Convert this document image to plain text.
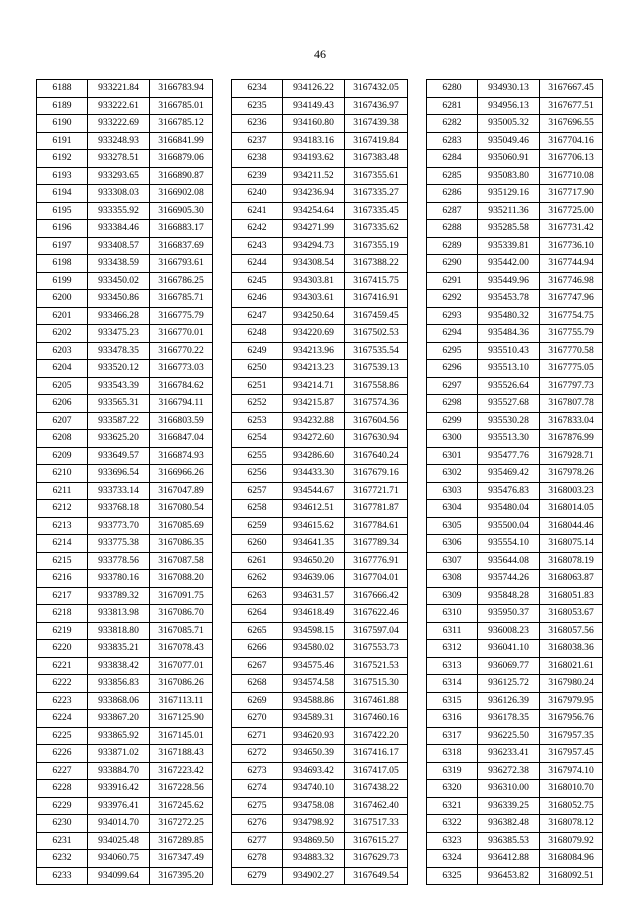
46
6188	933221.84	3166783.94
6189	933222.61	3166785.01
6190	933222.69	3166785.12
6191	933248.93	3166841.99
6192	933278.51	3166879.06
6193	933293.65	3166890.87
6194	933308.03	3166902.08
6195	933355.92	3166905.30
6196	933384.46	3166883.17
6197	933408.57	3166837.69
6198	933438.59	3166793.61
6199	933450.02	3166786.25
6200	933450.86	3166785.71
6201	933466.28	3166775.79
6202	933475.23	3166770.01
6203	933478.35	3166770.22
6204	933520.12	3166773.03
6205	933543.39	3166784.62
6206	933565.31	3166794.11
6207	933587.22	3166803.59
6208	933625.20	3166847.04
6209	933649.57	3166874.93
6210	933696.54	3166966.26
6211	933733.14	3167047.89
6212	933768.18	3167080.54
6213	933773.70	3167085.69
6214	933775.38	3167086.35
6215	933778.56	3167087.58
6216	933780.16	3167088.20
6217	933789.32	3167091.75
6218	933813.98	3167086.70
6219	933818.80	3167085.71
6220	933835.21	3167078.43
6221	933838.42	3167077.01
6222	933856.83	3167086.26
6223	933868.06	3167113.11
6224	933867.20	3167125.90
6225	933865.92	3167145.01
6226	933871.02	3167188.43
6227	933884.70	3167223.42
6228	933916.42	3167228.56
6229	933976.41	3167245.62
6230	934014.70	3167272.25
6231	934025.48	3167289.85
6232	934060.75	3167347.49
6233	934099.64	3167395.20
6234	934126.22	3167432.05
6235	934149.43	3167436.97
6236	934160.80	3167439.38
6237	934183.16	3167419.84
6238	934193.62	3167383.48
6239	934211.52	3167355.61
6240	934236.94	3167335.27
6241	934254.64	3167335.45
6242	934271.99	3167335.62
6243	934294.73	3167355.19
6244	934308.54	3167388.22
6245	934303.81	3167415.75
6246	934303.61	3167416.91
6247	934250.64	3167459.45
6248	934220.69	3167502.53
6249	934213.96	3167535.54
6250	934213.23	3167539.13
6251	934214.71	3167558.86
6252	934215.87	3167574.36
6253	934232.88	3167604.56
6254	934272.60	3167630.94
6255	934286.60	3167640.24
6256	934433.30	3167679.16
6257	934544.67	3167721.71
6258	934612.51	3167781.87
6259	934615.62	3167784.61
6260	934641.35	3167789.34
6261	934650.20	3167776.91
6262	934639.06	3167704.01
6263	934631.57	3167666.42
6264	934618.49	3167622.46
6265	934598.15	3167597.04
6266	934580.02	3167553.73
6267	934575.46	3167521.53
6268	934574.58	3167515.30
6269	934588.86	3167461.88
6270	934589.31	3167460.16
6271	934620.93	3167422.20
6272	934650.39	3167416.17
6273	934693.42	3167417.05
6274	934740.10	3167438.22
6275	934758.08	3167462.40
6276	934798.92	3167517.33
6277	934869.50	3167615.27
6278	934883.32	3167629.73
6279	934902.27	3167649.54
6280	934930.13	3167667.45
6281	934956.13	3167677.51
6282	935005.32	3167696.55
6283	935049.46	3167704.16
6284	935060.91	3167706.13
6285	935083.80	3167710.08
6286	935129.16	3167717.90
6287	935211.36	3167725.00
6288	935285.58	3167731.42
6289	935339.81	3167736.10
6290	935442.00	3167744.94
6291	935449.96	3167746.98
6292	935453.78	3167747.96
6293	935480.32	3167754.75
6294	935484.36	3167755.79
6295	935510.43	3167770.58
6296	935513.10	3167775.05
6297	935526.64	3167797.73
6298	935527.68	3167807.78
6299	935530.28	3167833.04
6300	935513.30	3167876.99
6301	935477.76	3167928.71
6302	935469.42	3167978.26
6303	935476.83	3168003.23
6304	935480.04	3168014.05
6305	935500.04	3168044.46
6306	935554.10	3168075.14
6307	935644.08	3168078.19
6308	935744.26	3168063.87
6309	935848.28	3168051.83
6310	935950.37	3168053.67
6311	936008.23	3168057.56
6312	936041.10	3168038.36
6313	936069.77	3168021.61
6314	936125.72	3167980.24
6315	936126.39	3167979.95
6316	936178.35	3167956.76
6317	936225.50	3167957.35
6318	936233.41	3167957.45
6319	936272.38	3167974.10
6320	936310.00	3168010.70
6321	936339.25	3168052.75
6322	936382.48	3168078.12
6323	936385.53	3168079.92
6324	936412.88	3168084.96
6325	936453.82	3168092.51
